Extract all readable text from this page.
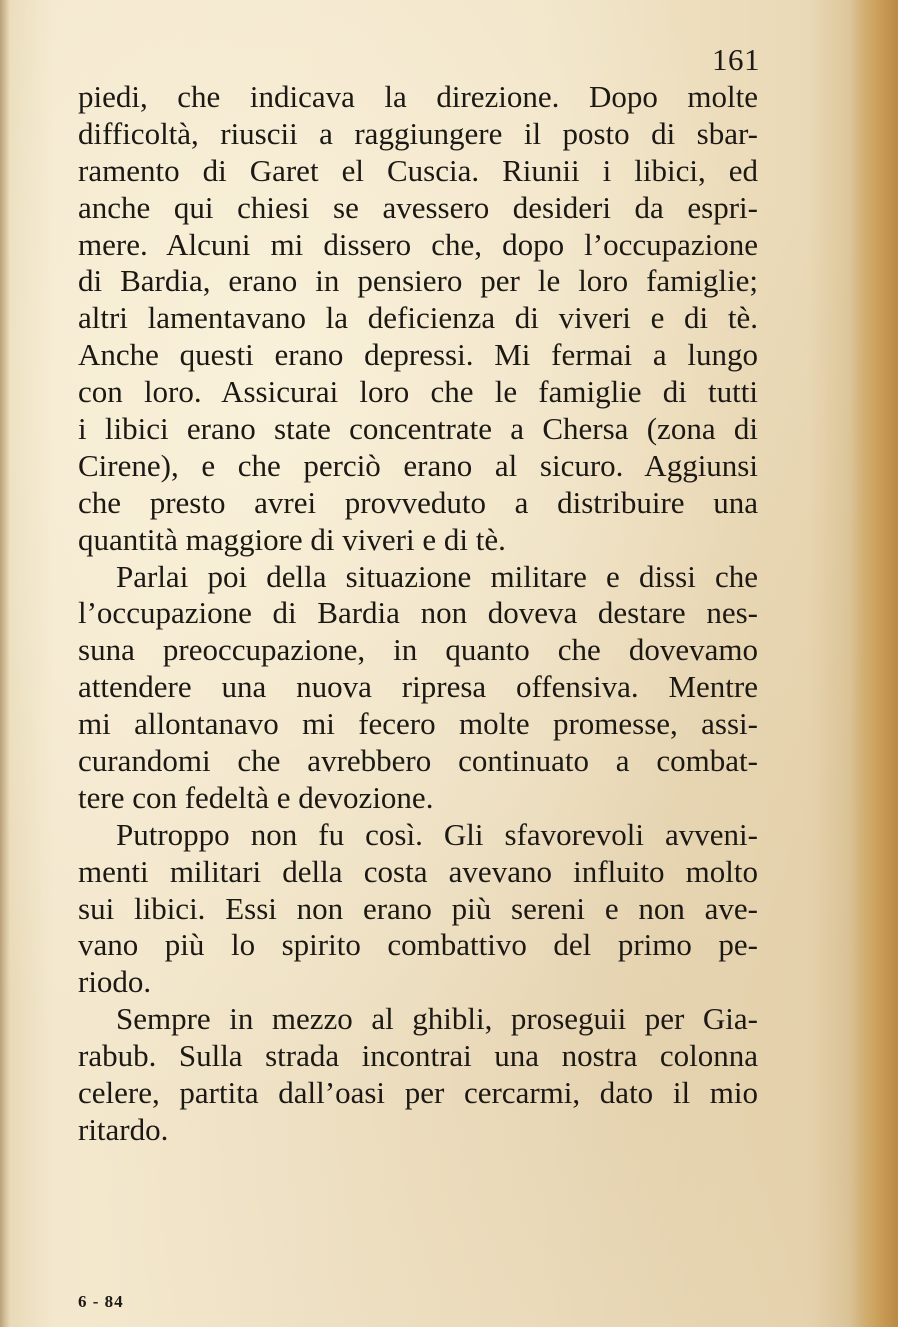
161
piedi, che indicava la direzione. Dopo molte
difficoltà, riuscii a raggiungere il posto di sbar-
ramento di Garet el Cuscia. Riunii i libici, ed
anche qui chiesi se avessero desideri da espri-
mere. Alcuni mi dissero che, dopo l’occupazione
di Bardia, erano in pensiero per le loro famiglie;
altri lamentavano la deficienza di viveri e di tè.
Anche questi erano depressi. Mi fermai a lungo
con loro. Assicurai loro che le famiglie di tutti
i libici erano state concentrate a Chersa (zona di
Cirene), e che perciò erano al sicuro. Aggiunsi
che presto avrei provveduto a distribuire una
quantità maggiore di viveri e di tè.
Parlai poi della situazione militare e dissi che
l’occupazione di Bardia non doveva destare nes-
suna preoccupazione, in quanto che dovevamo
attendere una nuova ripresa offensiva. Mentre
mi allontanavo mi fecero molte promesse, assi-
curandomi che avrebbero continuato a combat-
tere con fedeltà e devozione.
Putroppo non fu così. Gli sfavorevoli avveni-
menti militari della costa avevano influito molto
sui libici. Essi non erano più sereni e non ave-
vano più lo spirito combattivo del primo pe-
riodo.
Sempre in mezzo al ghibli, proseguii per Gia-
rabub. Sulla strada incontrai una nostra colonna
celere, partita dall’oasi per cercarmi, dato il mio
ritardo.
6 - 84
